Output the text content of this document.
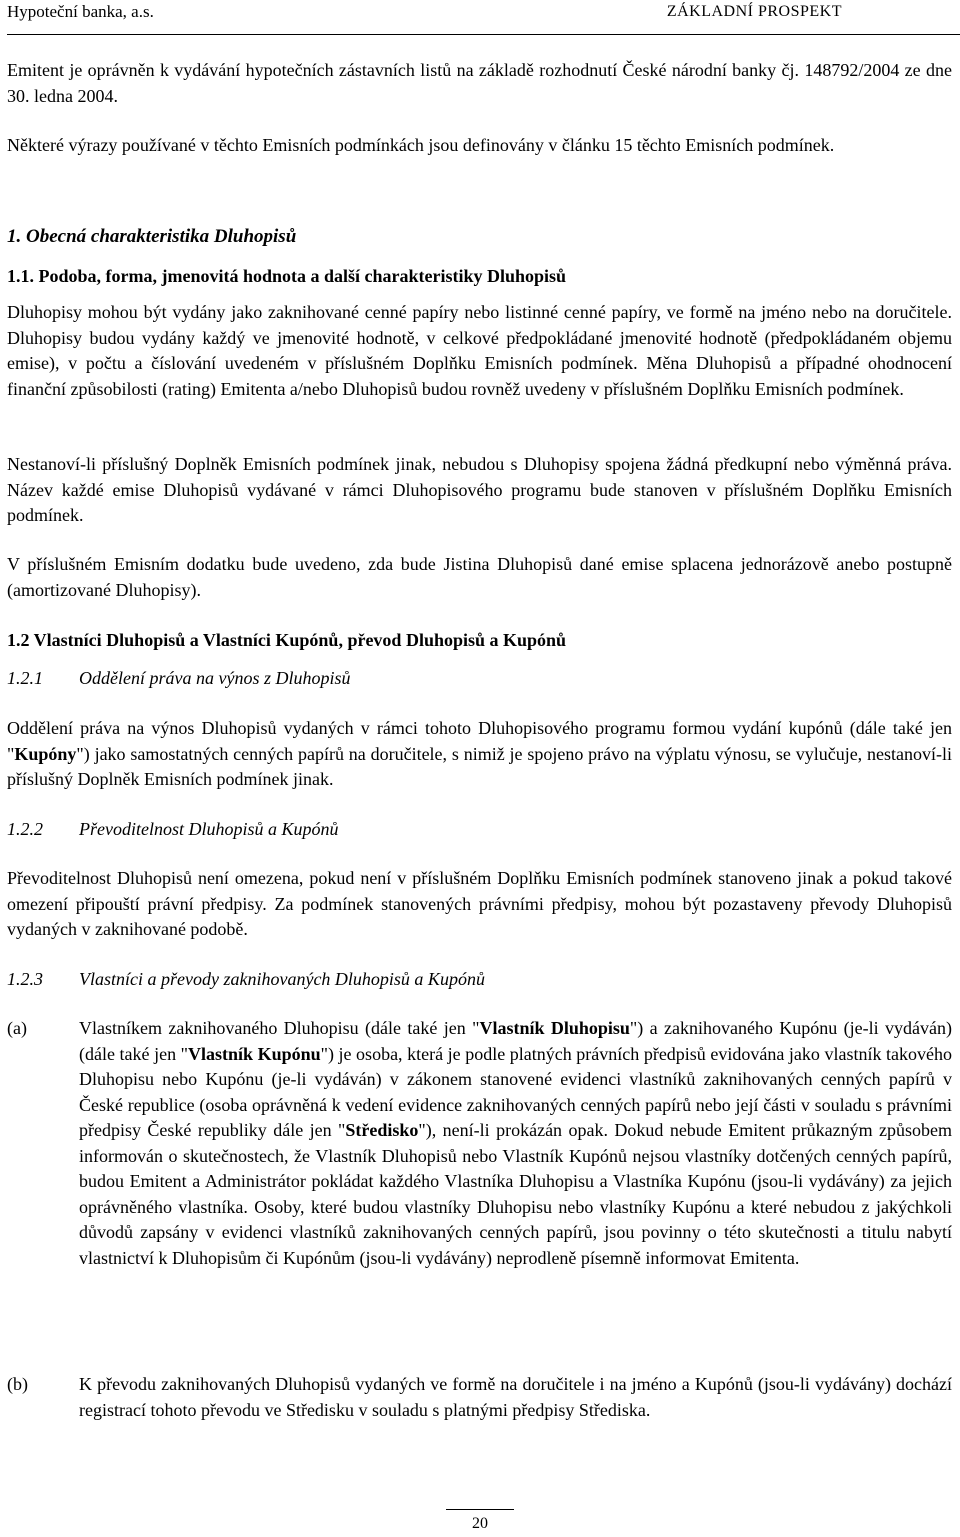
Hypoteční banka, a.s.	ZÁKLADNÍ PROSPEKT

Emitent je oprávněn k vydávání hypotečních zástavních listů na základě rozhodnutí České národní banky čj. 148792/2004 ze dne 30. ledna 2004.

Některé výrazy používané v těchto Emisních podmínkách jsou definovány v článku 15 těchto Emisních podmínek.

1. Obecná charakteristika Dluhopisů
1.1. Podoba, forma, jmenovitá hodnota a další charakteristiky Dluhopisů

Dluhopisy mohou být vydány jako zaknihované cenné papíry nebo listinné cenné papíry, ve formě na jméno nebo na doručitele. Dluhopisy budou vydány každý ve jmenovité hodnotě, v celkové předpokládané jmenovité hodnotě (předpokládaném objemu emise), v počtu a číslování uvedeném v příslušném Doplňku Emisních podmínek. Měna Dluhopisů a případné ohodnocení finanční způsobilosti (rating) Emitenta a/nebo Dluhopisů budou rovněž uvedeny v příslušném Doplňku Emisních podmínek.

Nestanoví-li příslušný Doplněk Emisních podmínek jinak, nebudou s Dluhopisy spojena žádná předkupní nebo výměnná práva. Název každé emise Dluhopisů vydávané v rámci Dluhopisového programu bude stanoven v příslušném Doplňku Emisních podmínek.

V příslušném Emisním dodatku bude uvedeno, zda bude Jistina Dluhopisů dané emise splacena jednorázově anebo postupně (amortizované Dluhopisy).

1.2 Vlastníci Dluhopisů a Vlastníci Kupónů, převod Dluhopisů a Kupónů
1.2.1 Oddělení práva na výnos z Dluhopisů

Oddělení práva na výnos Dluhopisů vydaných v rámci tohoto Dluhopisového programu formou vydání kupónů (dále také jen "Kupóny") jako samostatných cenných papírů na doručitele, s nimiž je spojeno právo na výplatu výnosu, se vylučuje, nestanoví-li příslušný Doplněk Emisních podmínek jinak.

1.2.2 Převoditelnost Dluhopisů a Kupónů

Převoditelnost Dluhopisů není omezena, pokud není v příslušném Doplňku Emisních podmínek stanoveno jinak a pokud takové omezení připouští právní předpisy. Za podmínek stanovených právními předpisy, mohou být pozastaveny převody Dluhopisů vydaných v zaknihované podobě.

1.2.3 Vlastníci a převody zaknihovaných Dluhopisů a Kupónů
(a)	Vlastníkem zaknihovaného Dluhopisu (dále také jen "Vlastník Dluhopisu") a zaknihovaného Kupónu (je-li vydáván) (dále také jen "Vlastník Kupónu") je osoba, která je podle platných právních předpisů evidována jako vlastník takového Dluhopisu nebo Kupónu (je-li vydáván) v zákonem stanovené evidenci vlastníků zaknihovaných cenných papírů v České republice (osoba oprávněná k vedení evidence zaknihovaných cenných papírů nebo její části v souladu s právními předpisy České republiky dále jen "Středisko"), není-li prokázán opak. Dokud nebude Emitent průkazným způsobem informován o skutečnostech, že Vlastník Dluhopisů nebo Vlastník Kupónů nejsou vlastníky dotčených cenných papírů, budou Emitent a Administrátor pokládat každého Vlastníka Dluhopisu a Vlastníka Kupónu (jsou-li vydávány) za jejich oprávněného vlastníka. Osoby, které budou vlastníky Dluhopisu nebo vlastníky Kupónu a které nebudou z jakýchkoli důvodů zapsány v evidenci vlastníků zaknihovaných cenných papírů, jsou povinny o této skutečnosti a titulu nabytí vlastnictví k Dluhopisům či Kupónům (jsou-li vydávány) neprodleně písemně informovat Emitenta.
(b)	K převodu zaknihovaných Dluhopisů vydaných ve formě na doručitele i na jméno a Kupónů (jsou-li vydávány) dochází registrací tohoto převodu ve Středisku v souladu s platnými předpisy Střediska.
20
